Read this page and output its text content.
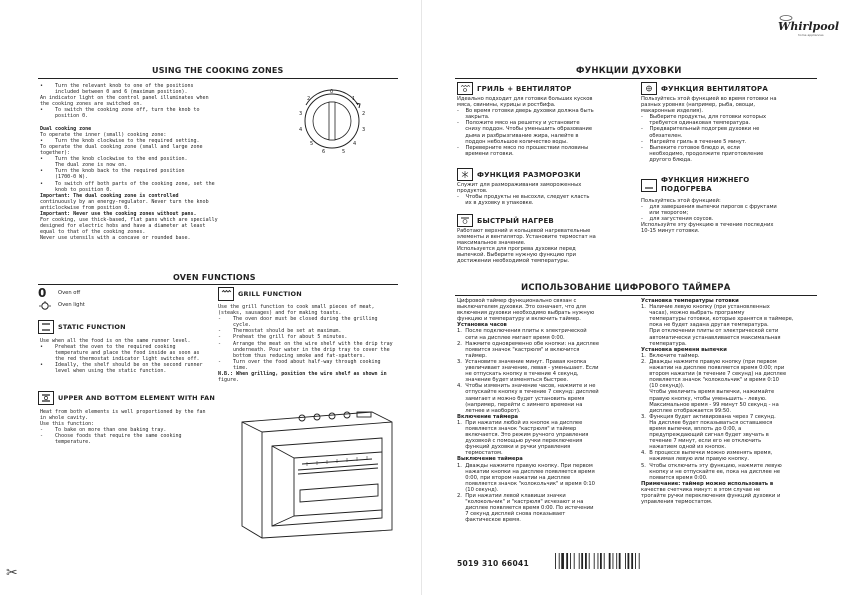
USING THE COOKING ZONES
•    Turn the relevant knob to one of the positions
included between 0 and 6 (maximum position).
An indicator light on the control panel illuminates when
the cooking zones are switched on.
•    To switch the cooking zone off, turn the knob to
position 0.

Dual cooking zone
To operate the inner (small) cooking zone:
•    Turn the knob clockwise to the required setting.
To operate the dual cooking zone (small and large zone
together):
•    Turn the knob clockwise to the end position.
The dual zone is now on.
•    Turn the knob back to the required position
(1700-0 W).
•    To switch off both parts of the cooking zone, set the
knob to position 0.
Important: The dual cooking zone is controlled
continuously by an energy-regulator. Never turn the knob
anticlockwise from position 0.
Important: Never use the cooking zones without pans.
For cooking, use thick-based, flat pans which are specially
designed for electric hobs and have a diameter at least
equal to that of the cooking zones.
Never use utensils with a concave or rounded base.
0
1
2
3
4
5
6
5
4
3
2
OVEN FUNCTIONS
0 Oven off
Oven light
STATIC FUNCTION
Use when all the food is on the same runner level.
•    Preheat the oven to the required cooking
temperature and place the food inside as soon as
the red thermostat indicator light switches off.
•    Ideally, the shelf should be on the second runner
level when using the static function.
UPPER AND BOTTOM ELEMENT WITH FAN
Heat from both elements is well proportioned by the fan
in whole cavity.
Use this function:
-    To bake on more than one baking tray.
-    Choose foods that require the same cooking
temperature.
GRILL FUNCTION
Use the grill function to cook small pieces of meat,
(steaks, sausages) and for making toasts.
-    The oven door must be closed during the grilling
cycle.
-    Thermostat should be set at maximum.
-    Preheat the grill for about 5 minutes.
-    Arrange the meat on the wire shelf with the drip tray
underneath. Pour water in the drip tray to cover the
bottom thus reducing smoke and fat-spatters.
-    Turn over the food about half-way through cooking
time.
N.B.: When grilling, position the wire shelf as shown in
figure.
✂
Whirlpool
home appliances
ФУНКЦИИ ДУХОВКИ
ГРИЛЬ + ВЕНТИЛЯТОР
Идеально подходит для готовки больших кусков
мяса, свинины, курицы и ростбифа.
-    Во время готовки дверь духовки должна быть
закрыта.
-    Положите мясо на решетку и установите
снизу поддон. Чтобы уменьшить образование
дыма и разбрызгивание жира, налейте в
поддон небольшое количество воды.
-    Переверните мясо по прошествии половины
времени готовки.
ФУНКЦИЯ ВЕНТИЛЯТОРА
Пользуйтесь этой функцией во время готовки на
разных уровнях (например, рыба, овощи,
макаронные изделия).
-    Выберите продукты, для готовки которых
требуется одинаковая температура.
-    Предварительный подогрев духовки не
обязателен.
-    Нагрейте гриль в течение 5 минут.
-    Выпеките готовое блюдо и, если
необходимо, продолжите приготовление
другого блюда.
ФУНКЦИЯ РАЗМОРОЗКИ
Служит для размораживания замороженных
продуктов.
-    Чтобы продукты не высохли, следует класть
их в духовку в упаковке.
ФУНКЦИЯ НИЖНЕГО
ПОДОГРЕВА
Пользуйтесь этой функцией:
-    для завершения выпечки пирогов с фруктами
или творогом;
-    для загустения соусов.
Используйте эту функцию в течение последних
10-15 минут готовки.
БЫСТРЫЙ НАГРЕВ
Работают верхний и кольцевой нагревательные
элементы и вентилятор. Установите термостат на
максимальное значение.
Используется для прогрева духовки перед
выпечкой. Выберите нужную функцию при
достижении необходимой температуры.
ИСПОЛЬЗОВАНИЕ ЦИФРОВОГО ТАЙМЕРА
Цифровой таймер функционально связан с
выключателем духовки. Это означает, что для
включения духовки необходимо выбрать нужную
функцию и температуру и включить таймер.
Установка часов
1.  После подключения плиты к электрической
сети на дисплее мигает время 0:00.
2.  Нажмите одновременно обе кнопки: на дисплее
появится значок "кастрюля" и включится
таймер.
3.  Установите значение минут. Правая кнопка
увеличивает значение, левая - уменьшает. Если
не отпускать кнопку в течение 4 секунд,
значение будет изменяться быстрее.
4.  Чтобы изменить значение часов, нажмите и не
отпускайте кнопку в течение 7 секунд: дисплей
замигает и можно будет установить время
(например, перейти с зимнего времени на
летнее и наоборот).
Включение таймера
1.  При нажатии любой из кнопок на дисплее
появляется значок "кастрюля" и таймер
включается. Это режим ручного управления
духовкой с помощью ручки переключения
функций духовки и ручки управления
термостатом.
Выключение таймера
1.  Дважды нажмите правую кнопку. При первом
нажатии кнопки на дисплее появляется время
0:00, при втором нажатии на дисплее
появляется значок "колокольчик" и время 0:10
(10 секунд).
2.  При нажатии левой клавиши значки
"колокольчик" и "кастрюля" исчезают и на
дисплее появляется время 0:00. По истечении
7 секунд дисплей снова показывает
фактическое время.
Установка температуры готовки
1.  Наличие левую кнопку (при установленных
часах), можно выбрать программу
температуры готовки, которые хранятся в таймере,
пока не будет задана другая температура.
При отключении плиты от электрической сети
автоматически устанавливается максимальная
температура.
Установка времени выпечки
1.  Включите таймер.
2.  Дважды нажмите правую кнопку (при первом
нажатии на дисплее появляется время 0:00; при
втором нажатии (в течение 7 секунд) на дисплее
появляется значок "колокольчик" и время 0:10
(10 секунд)).
Чтобы увеличить время выпечки, нажимайте
правую кнопку, чтобы уменьшить - левую.
Максимальное время - 99 минут 50 секунд - на
дисплее отображается 99:50.
3.  Функция будет активирована через 7 секунд.
На дисплее будет показываться оставшееся
время выпечки, вплоть до 0:00, а
предупреждающий сигнал будет звучать в
течение 7 минут, если его не отключить
нажатием одной из кнопок.
4.  В процессе выпечки можно изменять время,
нажимая левую или правую кнопку.
5.  Чтобы отключить эту функцию, нажмите левую
кнопку и не отпускайте ее, пока на дисплее не
появится время 0:00.
Примечание: таймер можно использовать в
качестве счетчика минут: в этом случае не
трогайте ручки переключения функций духовки и
управления термостатом.
5019 310 66041
